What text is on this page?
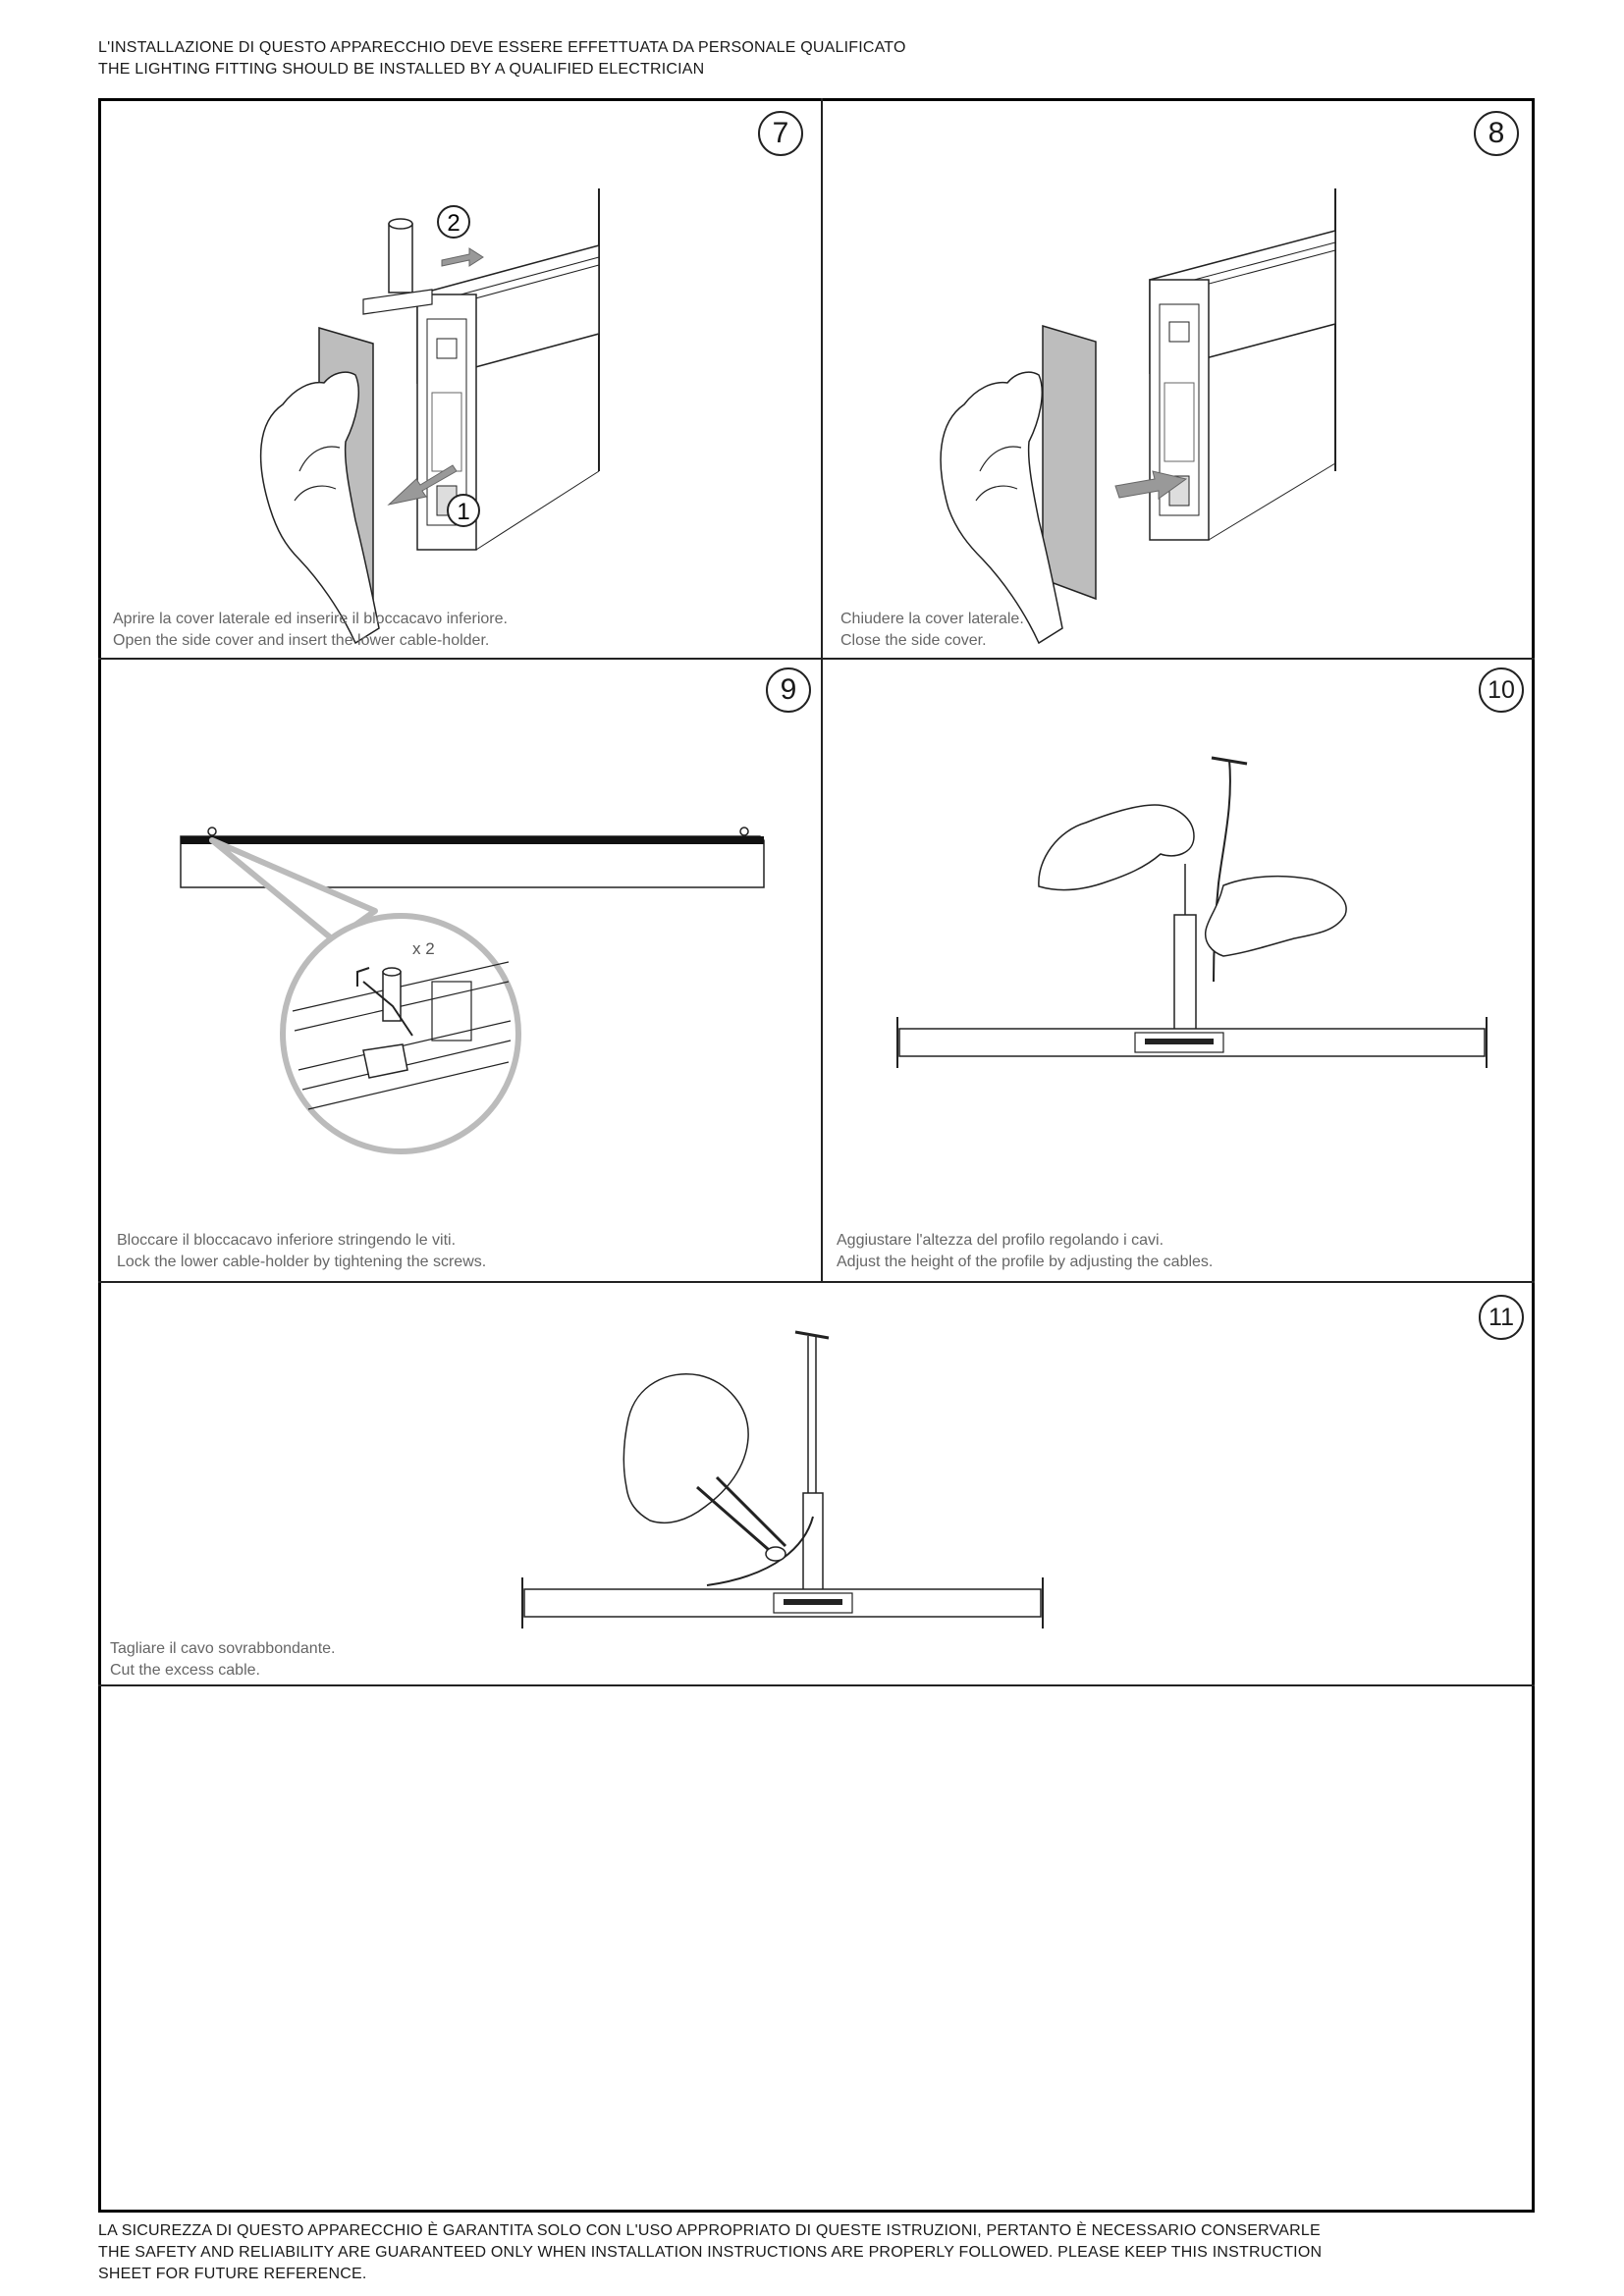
L'INSTALLAZIONE DI QUESTO APPARECCHIO DEVE ESSERE EFFETTUATA DA PERSONALE QUALIFICATO
THE LIGHTING FITTING SHOULD BE INSTALLED BY A QUALIFIED ELECTRICIAN
7
2
1
Aprire la cover laterale ed inserire il bloccacavo inferiore.
Open the side cover and insert the lower cable-holder.
8
Chiudere la cover laterale.
Close the side cover.
9
x 2
Bloccare il bloccacavo inferiore stringendo le viti.
Lock the lower cable-holder by tightening the screws.
10
Aggiustare l'altezza del profilo regolando i cavi.
Adjust the height of the profile by adjusting the cables.
11
Tagliare il cavo sovrabbondante.
Cut the excess cable.
LA SICUREZZA DI QUESTO APPARECCHIO È GARANTITA SOLO CON L'USO APPROPRIATO DI QUESTE ISTRUZIONI, PERTANTO È NECESSARIO CONSERVARLE
THE SAFETY AND RELIABILITY ARE GUARANTEED ONLY WHEN INSTALLATION INSTRUCTIONS ARE PROPERLY FOLLOWED. PLEASE KEEP THIS INSTRUCTION
SHEET FOR FUTURE REFERENCE.
